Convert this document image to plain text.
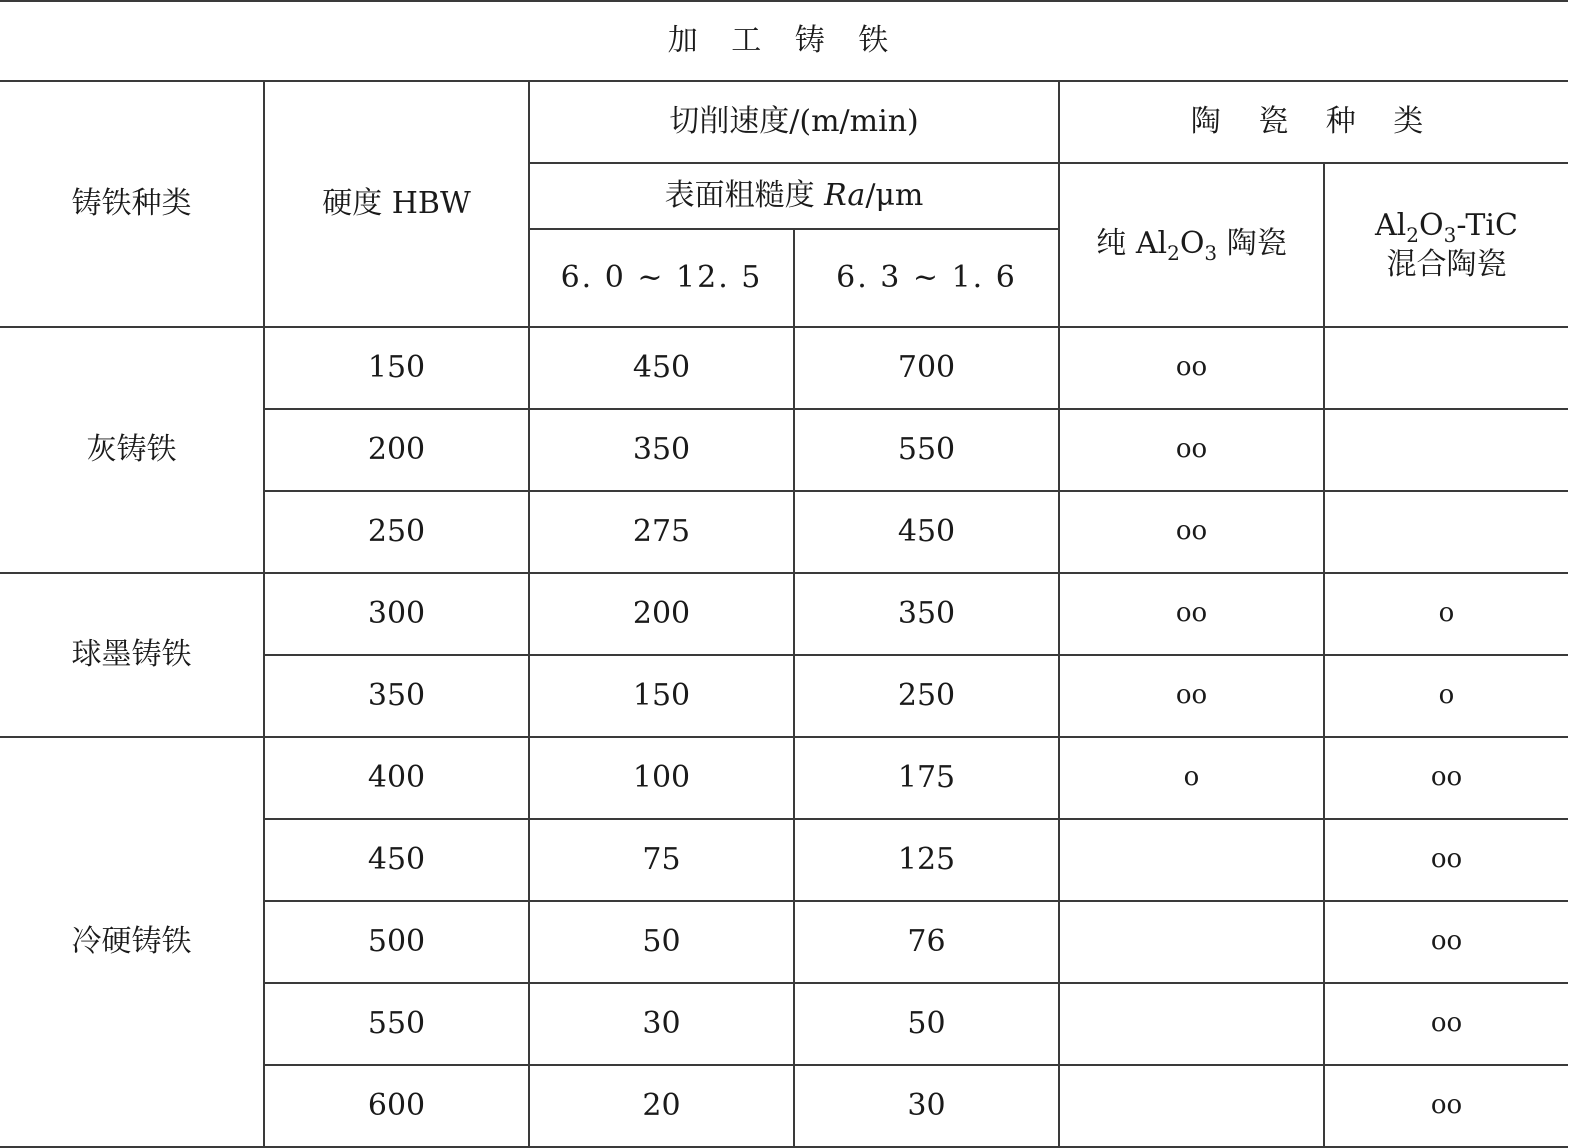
加 工 铸 铁					
铸铁种类	硬度 HBW	切削速度/(m/min)		陶 瓷 种 类	
		表面粗糙度 Ra/μm		纯 $Al_2O_3$ 陶瓷	$Al_2O_3$-TiC
混合陶瓷
		6. 0 ~ 12. 5	6. 3 ~ 1. 6		
灰铸铁	150	450	700	oo	
	200	350	550	oo	
	250	275	450	oo	
球墨铸铁	300	200	350	oo	o
	350	150	250	oo	o
冷硬铸铁	400	100	175	o	oo
	450	75	125		oo
	500	50	76		oo
	550	30	50		oo
	600	20	30		oo
